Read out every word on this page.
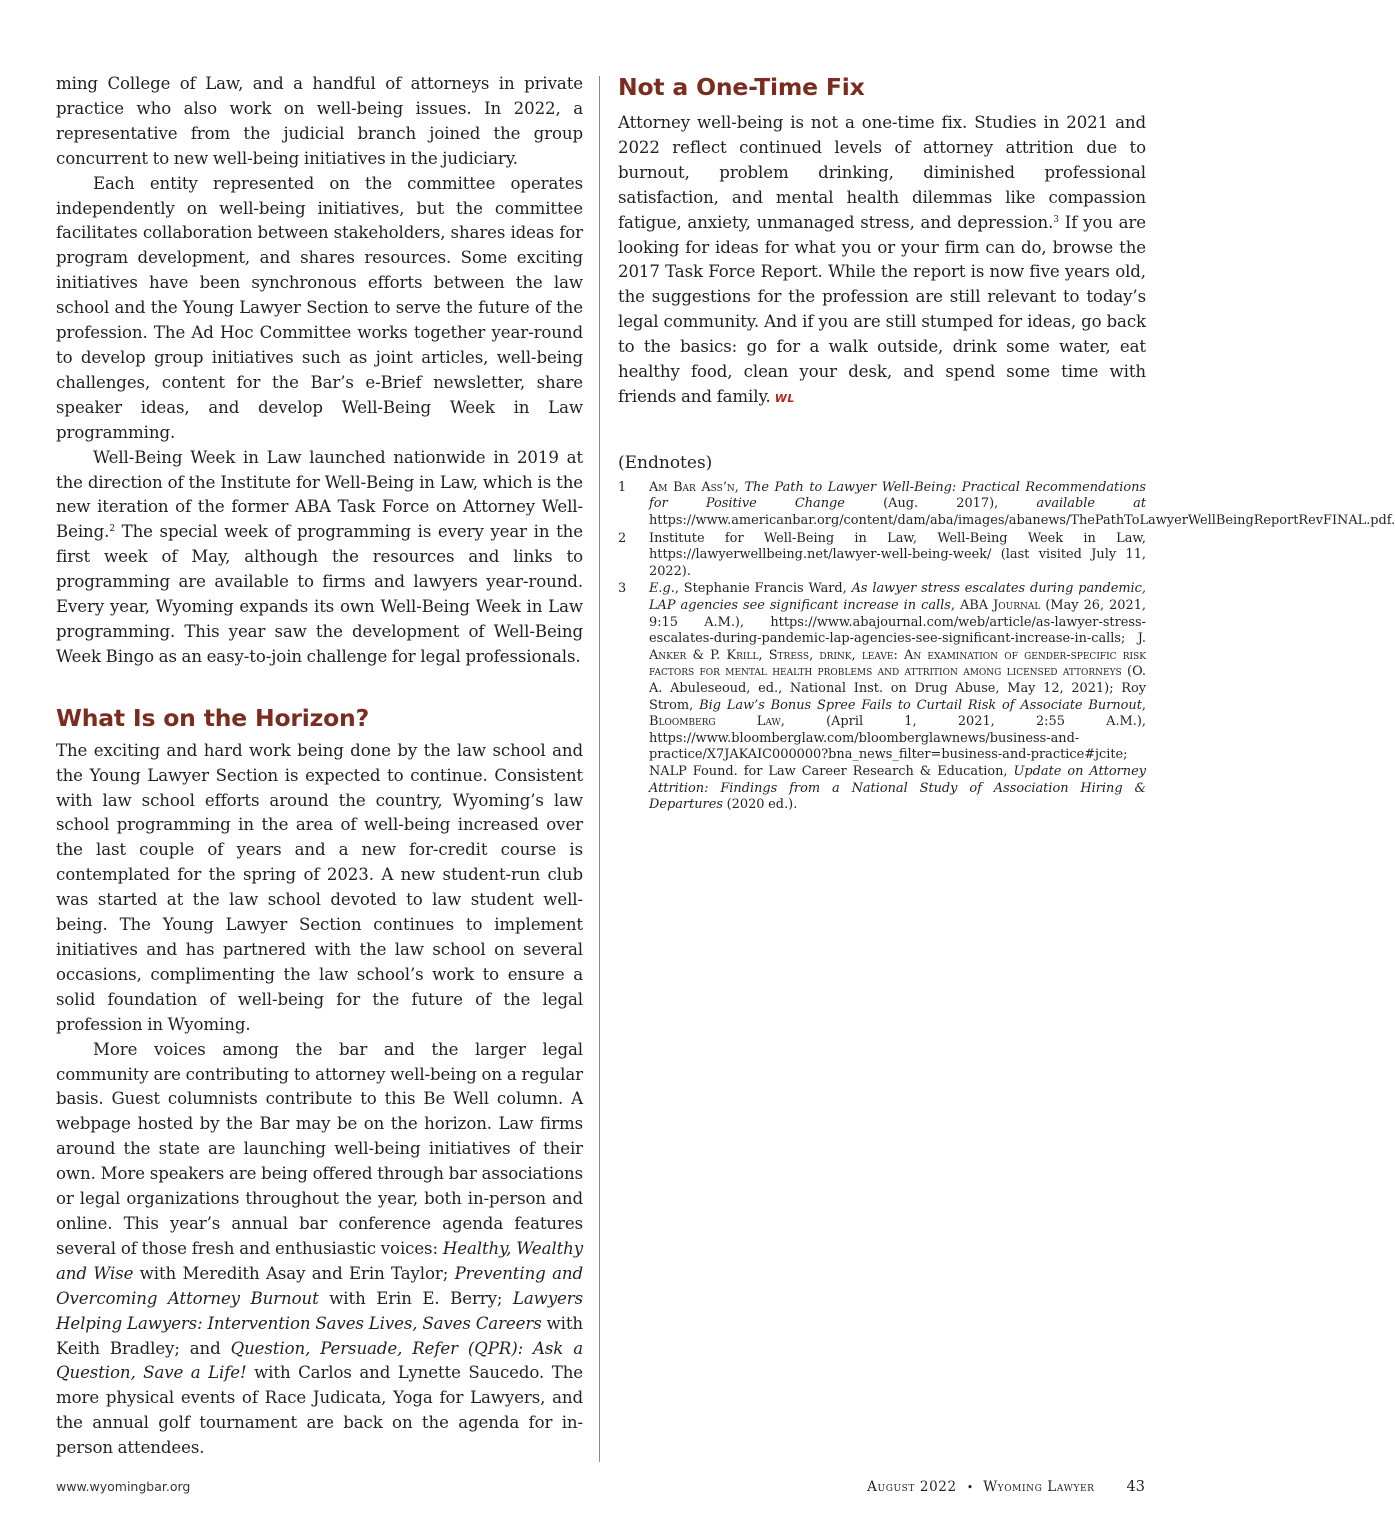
ming College of Law, and a handful of attorneys in private practice who also work on well-being issues. In 2022, a representative from the judicial branch joined the group concurrent to new well-being initiatives in the judiciary.

Each entity represented on the committee operates independently on well-being initiatives, but the committee facilitates collaboration between stakeholders, shares ideas for program development, and shares resources. Some exciting initiatives have been synchronous efforts between the law school and the Young Lawyer Section to serve the future of the profession. The Ad Hoc Committee works together year-round to develop group initiatives such as joint articles, well-being challenges, content for the Bar’s e-Brief newsletter, share speaker ideas, and develop Well-Being Week in Law programming.

Well-Being Week in Law launched nationwide in 2019 at the direction of the Institute for Well-Being in Law, which is the new iteration of the former ABA Task Force on Attorney Well-Being.$^2$ The special week of programming is every year in the first week of May, although the resources and links to programming are available to firms and lawyers year-round. Every year, Wyoming expands its own Well-Being Week in Law programming. This year saw the development of Well-Being Week Bingo as an easy-to-join challenge for legal professionals.

What Is on the Horizon?

The exciting and hard work being done by the law school and the Young Lawyer Section is expected to continue. Consistent with law school efforts around the country, Wyoming’s law school programming in the area of well-being increased over the last couple of years and a new for-credit course is contemplated for the spring of 2023. A new student-run club was started at the law school devoted to law student well-being. The Young Lawyer Section continues to implement initiatives and has partnered with the law school on several occasions, complimenting the law school’s work to ensure a solid foundation of well-being for the future of the legal profession in Wyoming.

More voices among the bar and the larger legal community are contributing to attorney well-being on a regular basis. Guest columnists contribute to this Be Well column. A webpage hosted by the Bar may be on the horizon. Law firms around the state are launching well-being initiatives of their own. More speakers are being offered through bar associations or legal organizations throughout the year, both in-person and online. This year’s annual bar conference agenda features several of those fresh and enthusiastic voices: Healthy, Wealthy and Wise with Meredith Asay and Erin Taylor; Preventing and Overcoming Attorney Burnout with Erin E. Berry; Lawyers Helping Lawyers: Intervention Saves Lives, Saves Careers with Keith Bradley; and Question, Persuade, Refer (QPR): Ask a Question, Save a Life! with Carlos and Lynette Saucedo. The more physical events of Race Judicata, Yoga for Lawyers, and the annual golf tournament are back on the agenda for in-person attendees.

Not a One-Time Fix

Attorney well-being is not a one-time fix. Studies in 2021 and 2022 reflect continued levels of attorney attrition due to burnout, problem drinking, diminished professional satisfaction, and mental health dilemmas like compassion fatigue, anxiety, unmanaged stress, and depression.$^3$ If you are looking for ideas for what you or your firm can do, browse the 2017 Task Force Report. While the report is now five years old, the suggestions for the profession are still relevant to today’s legal community. And if you are still stumped for ideas, go back to the basics: go for a walk outside, drink some water, eat healthy food, clean your desk, and spend some time with friends and family. WL

(Endnotes)
1 Am Bar Ass’n, The Path to Lawyer Well-Being: Practical Recommendations for Positive Change (Aug. 2017), available at https://www.americanbar.org/content/dam/aba/images/abanews/ThePathToLawyerWellBeingReportRevFINAL.pdf.
2 Institute for Well-Being in Law, Well-Being Week in Law, https://lawyerwellbeing.net/lawyer-well-being-week/ (last visited July 11, 2022).
3 E.g., Stephanie Francis Ward, As lawyer stress escalates during pandemic, LAP agencies see significant increase in calls, ABA Journal (May 26, 2021, 9:15 A.M.), https://www.abajournal.com/web/article/as-lawyer-stress-escalates-during-pandemic-lap-agencies-see-significant-increase-in-calls; J. Anker & P. Krill, Stress, drink, leave: An examination of gender-specific risk factors for mental health problems and attrition among licensed attorneys (O. A. Abuleseoud, ed., National Inst. on Drug Abuse, May 12, 2021); Roy Strom, Big Law’s Bonus Spree Fails to Curtail Risk of Associate Burnout, Bloomberg Law, (April 1, 2021, 2:55 A.M.), https://www.bloomberglaw.com/bloomberglawnews/business-and-practice/X7JAKAIC000000?bna_news_filter=business-and-practice#jcite; NALP Found. for Law Career Research & Education, Update on Attorney Attrition: Findings from a National Study of Association Hiring & Departures (2020 ed.).
www.wyomingbar.org	August 2022 • Wyoming Lawyer 43
